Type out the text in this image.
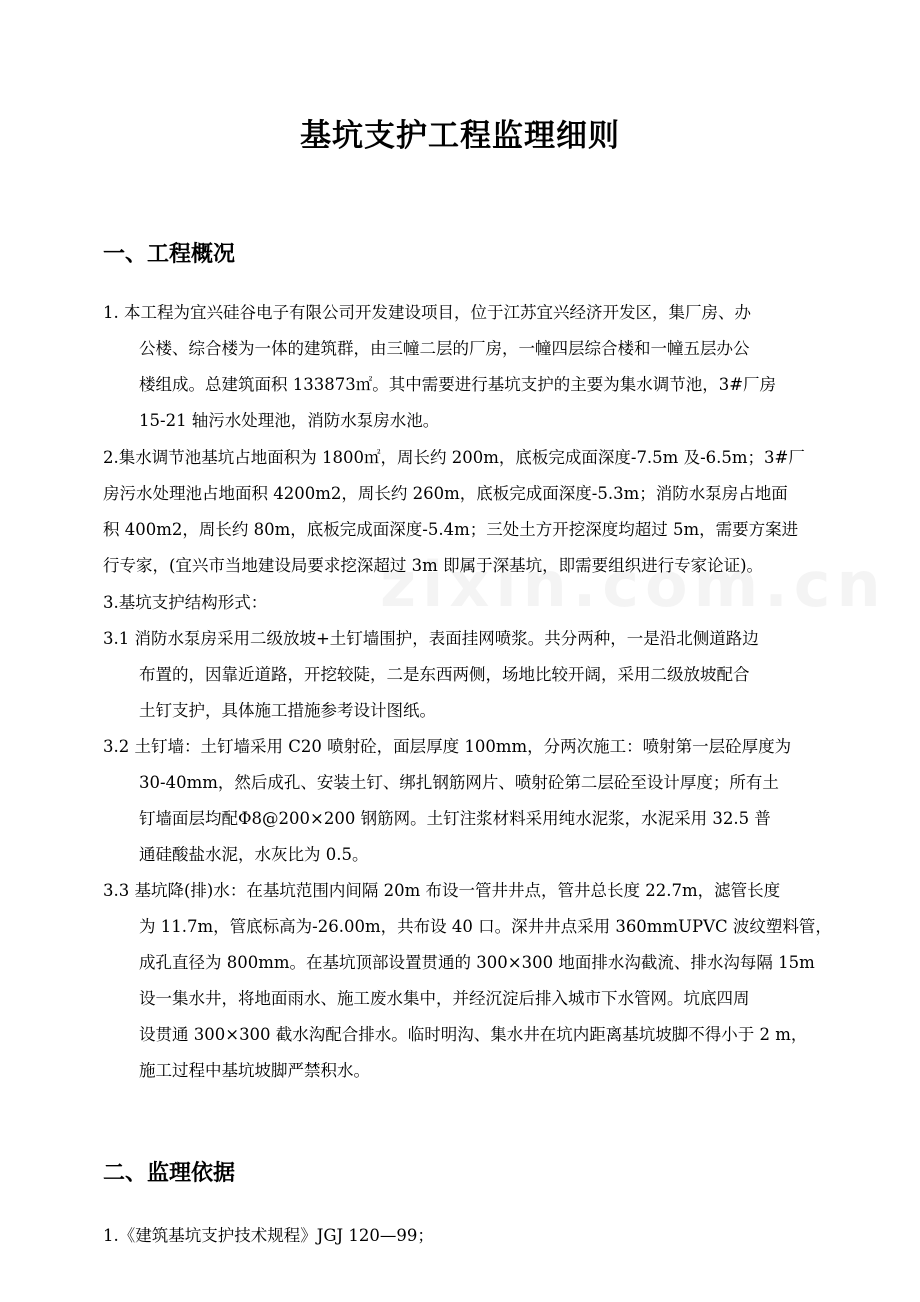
基坑支护工程监理细则
一、工程概况
1. 本工程为宜兴硅谷电子有限公司开发建设项目，位于江苏宜兴经济开发区，集厂房、办
公楼、综合楼为一体的建筑群，由三幢二层的厂房，一幢四层综合楼和一幢五层办公
楼组成。总建筑面积 133873㎡。其中需要进行基坑支护的主要为集水调节池，3#厂房
15-21 轴污水处理池，消防水泵房水池。
2.集水调节池基坑占地面积为 1800㎡，周长约 200m，底板完成面深度-7.5m 及-6.5m；3#厂
房污水处理池占地面积 4200m2，周长约 260m，底板完成面深度-5.3m；消防水泵房占地面
积 400m2，周长约 80m，底板完成面深度-5.4m；三处土方开挖深度均超过 5m，需要方案进
行专家，(宜兴市当地建设局要求挖深超过 3m 即属于深基坑，即需要组织进行专家论证)。
3.基坑支护结构形式：
3.1 消防水泵房采用二级放坡+土钉墙围护，表面挂网喷浆。共分两种，一是沿北侧道路边
布置的，因靠近道路，开挖较陡，二是东西两侧，场地比较开阔，采用二级放坡配合
土钉支护，具体施工措施参考设计图纸。
3.2 土钉墙：土钉墙采用 C20 喷射砼，面层厚度 100mm，分两次施工：喷射第一层砼厚度为
30-40mm，然后成孔、安装土钉、绑扎钢筋网片、喷射砼第二层砼至设计厚度；所有土
钉墙面层均配Φ8@200×200 钢筋网。土钉注浆材料采用纯水泥浆，水泥采用 32.5 普
通硅酸盐水泥，水灰比为 0.5。
3.3 基坑降(排)水：在基坑范围内间隔 20m 布设一管井井点，管井总长度 22.7m，滤管长度
为 11.7m，管底标高为-26.00m，共布设 40 口。深井井点采用 360mmUPVC 波纹塑料管，
成孔直径为 800mm。在基坑顶部设置贯通的 300×300 地面排水沟截流、排水沟每隔 15m
设一集水井，将地面雨水、施工废水集中，并经沉淀后排入城市下水管网。坑底四周
设贯通 300×300 截水沟配合排水。临时明沟、集水井在坑内距离基坑坡脚不得小于 2 m，
施工过程中基坑坡脚严禁积水。
二、监理依据
1.《建筑基坑支护技术规程》JGJ 120—99；
